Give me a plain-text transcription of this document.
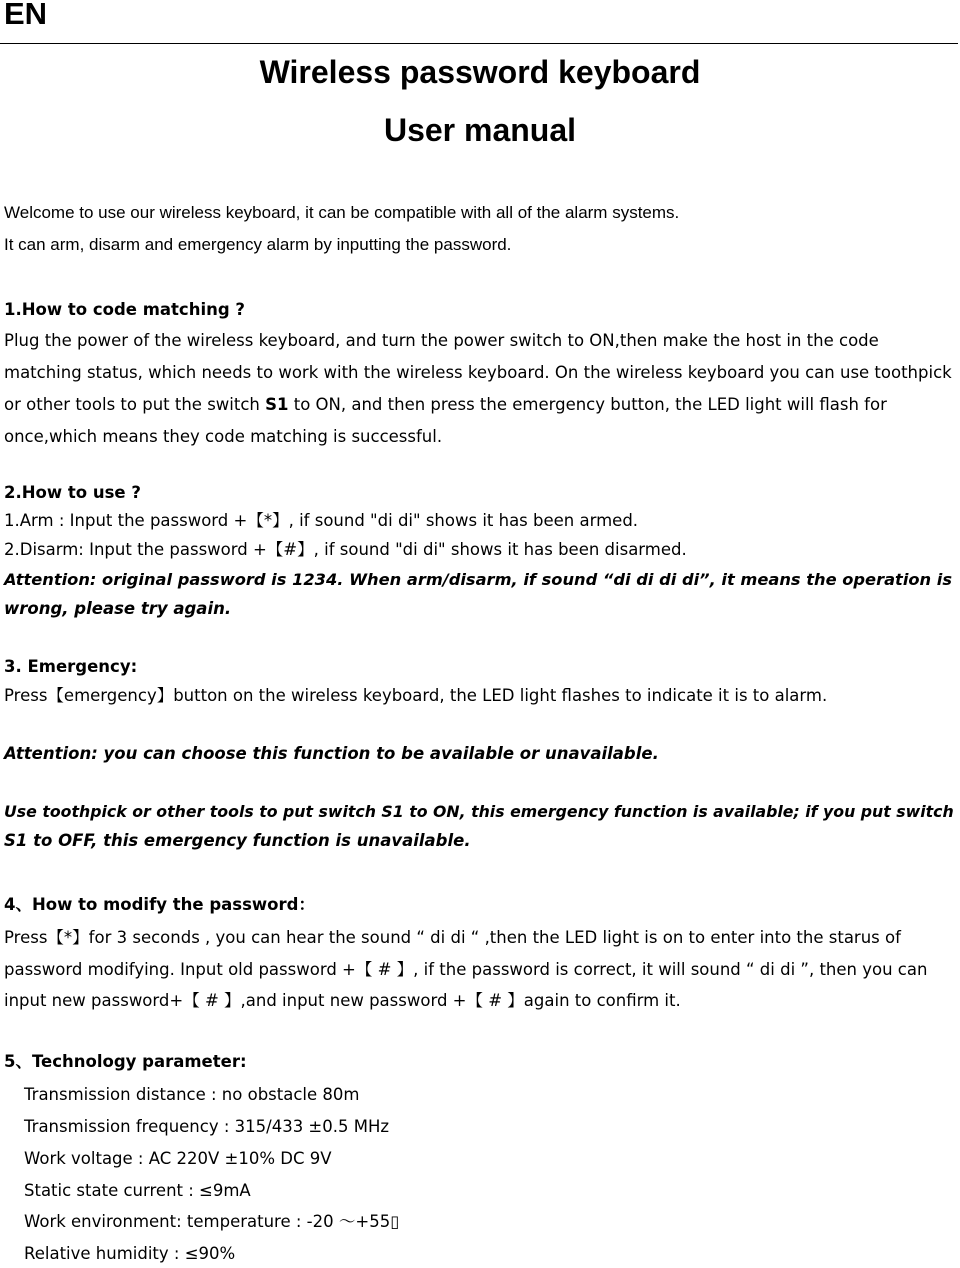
EN
Wireless password keyboard
User manual
Welcome to use our wireless keyboard, it can be compatible with all of the alarm systems.
It can arm, disarm and emergency alarm by inputting the password.
1.How to code matching ?
Plug the power of the wireless keyboard, and turn the power switch to ON,then make the host in the code
matching status, which needs to work with the wireless keyboard. On the wireless keyboard you can use toothpick
or other tools to put the switch S1 to ON, and then press the emergency button, the LED light will flash for
once,which means they code matching is successful.
2.How to use ?
1.Arm : Input the password +【*】, if sound "di di" shows it has been armed.
2.Disarm: Input the password +【#】, if sound "di di" shows it has been disarmed.
Attention: original password is 1234. When arm/disarm, if sound “di di di di”, it means the operation is
wrong, please try again.
3. Emergency:
Press【emergency】button on the wireless keyboard, the LED light flashes to indicate it is to alarm.
Attention: you can choose this function to be available or unavailable.
Use toothpick or other tools to put switch S1 to ON, this emergency function is available; if you put switch
S1 to OFF, this emergency function is unavailable.
4、How to modify the password：
Press【*】for 3 seconds , you can hear the sound “ di di “ ,then the LED light is on to enter into the starus of
password modifying. Input old password +【 # 】, if the password is correct, it will sound “ di di ”, then you can
input new password+【 # 】,and input new password +【 # 】again to confirm it.
5、Technology parameter:
Transmission distance : no obstacle 80m
Transmission frequency : 315/433 ±0.5 MHz
Work voltage : AC 220V ±10% DC 9V
Static state current : ≤9mA
Work environment: temperature : -20 ～+55▯
Relative humidity : ≤90%
